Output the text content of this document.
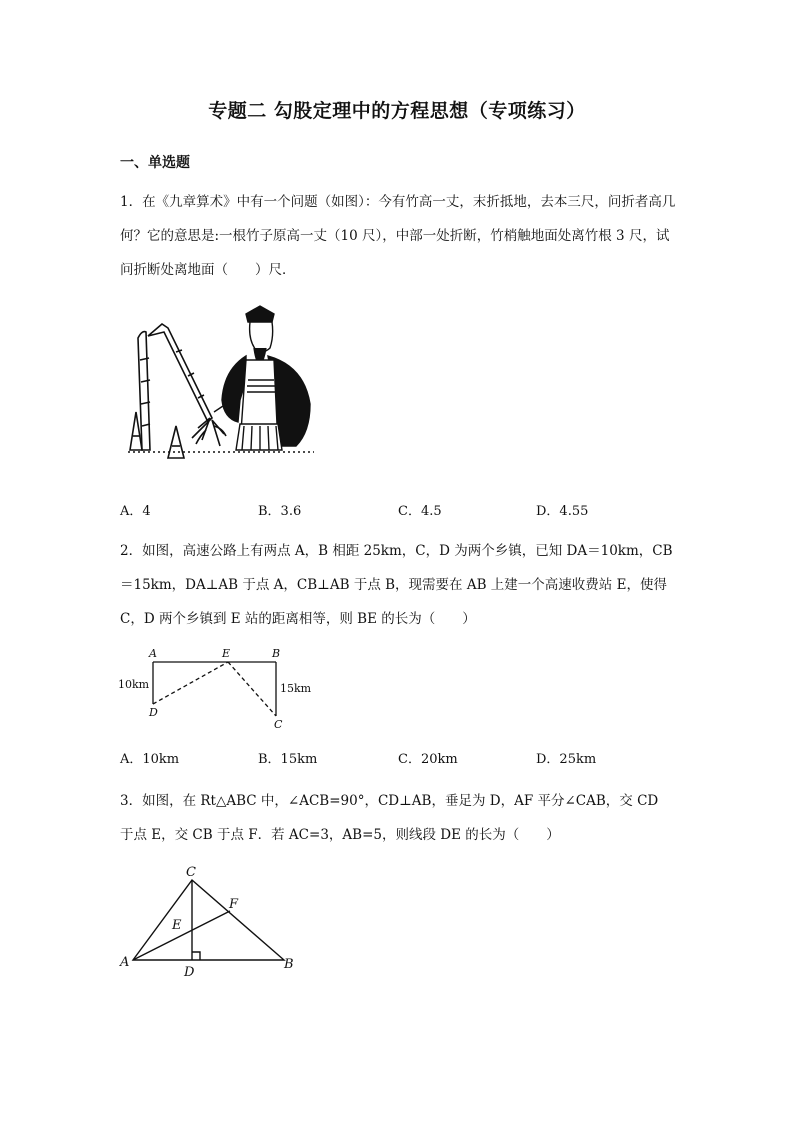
专题二 勾股定理中的方程思想（专项练习）
一、单选题
1．在《九章算术》中有一个问题（如图）：今有竹高一丈，末折抵地，去本三尺，问折者高几何？它的意思是:一根竹子原高一丈（10 尺），中部一处折断，竹梢触地面处离竹根 3 尺，试问折断处离地面（　　）尺．
A．4	B．3.6	C．4.5	D．4.55
2．如图，高速公路上有两点 A，B 相距 25km，C，D 为两个乡镇，已知 DA＝10km，CB＝15km，DA⊥AB 于点 A，CB⊥AB 于点 B，现需要在 AB 上建一个高速收费站 E，使得 C，D 两个乡镇到 E 站的距离相等，则 BE 的长为（　　）
A	E	B
D
C
10km	15km
A．10km	B．15km	C．20km	D．25km
3．如图，在 Rt△ABC 中，∠ACB=90°，CD⊥AB，垂足为 D，AF 平分∠CAB，交 CD 于点 E，交 CB 于点 F．若 AC=3，AB=5，则线段 DE 的长为（　　）
C
F
E
A
D
B
